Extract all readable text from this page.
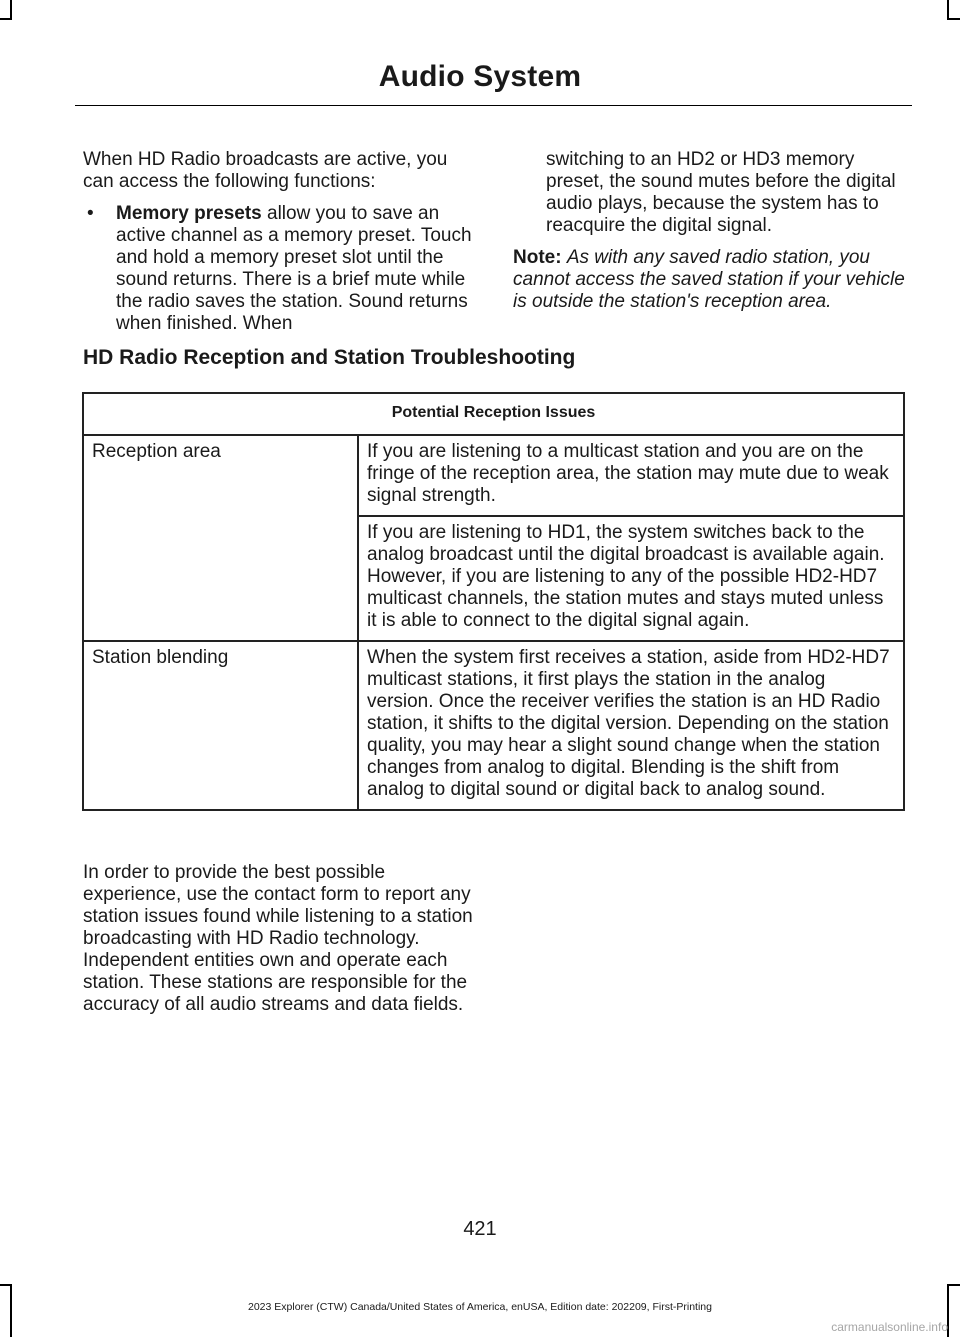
Audio System

When HD Radio broadcasts are active, you can access the following functions:

• Memory presets allow you to save an active channel as a memory preset. Touch and hold a memory preset slot until the sound returns. There is a brief mute while the radio saves the station. Sound returns when finished. When

switching to an HD2 or HD3 memory preset, the sound mutes before the digital audio plays, because the system has to reacquire the digital signal.

Note: As with any saved radio station, you cannot access the saved station if your vehicle is outside the station's reception area.

HD Radio Reception and Station Troubleshooting
Potential Reception Issues	
Reception area	If you are listening to a multicast station and you are on the fringe of the reception area, the station may mute due to weak signal strength.
	If you are listening to HD1, the system switches back to the analog broadcast until the digital broadcast is available again. However, if you are listening to any of the possible HD2-HD7 multicast channels, the station mutes and stays muted unless it is able to connect to the digital signal again.
Station blending	When the system first receives a station, aside from HD2-HD7 multicast stations, it first plays the station in the analog version. Once the receiver verifies the station is an HD Radio station, it shifts to the digital version. Depending on the station quality, you may hear a slight sound change when the station changes from analog to digital. Blending is the shift from analog to digital sound or digital back to analog sound.

In order to provide the best possible experience, use the contact form to report any station issues found while listening to a station broadcasting with HD Radio technology. Independent entities own and operate each station. These stations are responsible for the accuracy of all audio streams and data fields.

421

2023 Explorer (CTW) Canada/United States of America, enUSA, Edition date: 202209, First-Printing

carmanualsonline.info
